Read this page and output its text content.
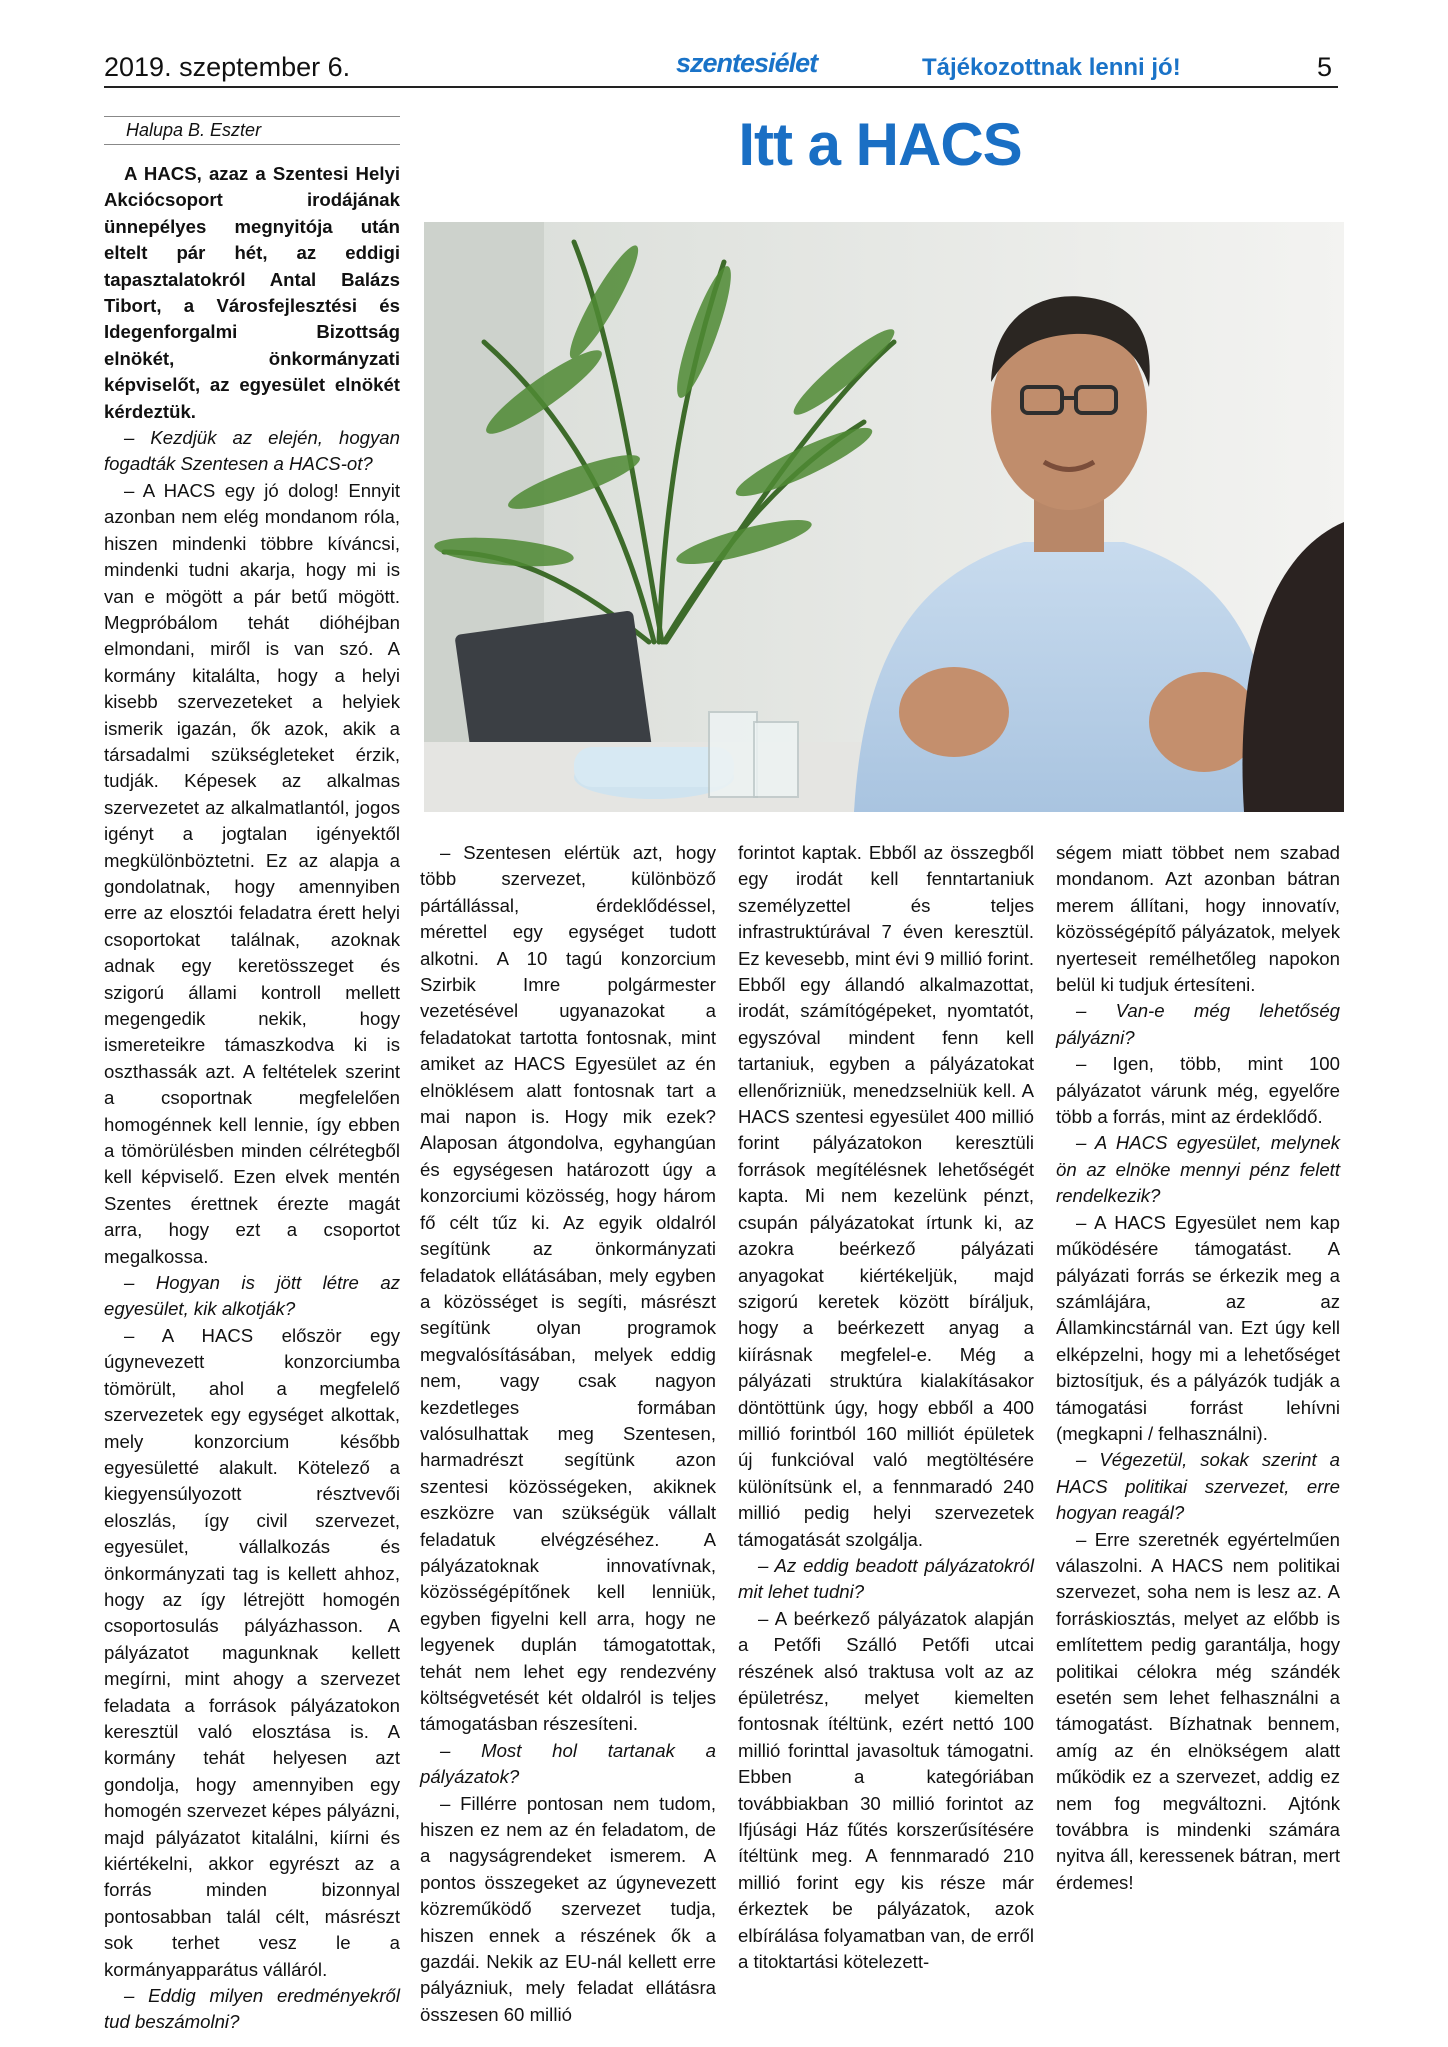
2019. szeptember 6.	szentesiélet	Tájékozottnak lenni jó!	5
Halupa B. Eszter	Itt a HACS

A HACS, azaz a Szentesi Helyi Akciócsoport irodájának ünnepélyes megnyitója után eltelt pár hét, az eddigi tapasztalatokról Antal Balázs Tibort, a Városfejlesztési és Idegenforgalmi Bizottság elnökét, önkormányzati képviselőt, az egyesület elnökét kérdeztük.

– Kezdjük az elején, hogyan fogadták Szentesen a HACS-ot?

– A HACS egy jó dolog! Ennyit azonban nem elég mondanom róla, hiszen mindenki többre kíváncsi, mindenki tudni akarja, hogy mi is van e mögött a pár betű mögött. Megpróbálom tehát dióhéjban elmondani, miről is van szó. A kormány kitalálta, hogy a helyi kisebb szervezeteket a helyiek ismerik igazán, ők azok, akik a társadalmi szükségleteket érzik, tudják. Képesek az alkalmas szervezetet az alkalmatlantól, jogos igényt a jogtalan igényektől megkülönböztetni. Ez az alapja a gondolatnak, hogy amennyiben erre az elosztói feladatra érett helyi csoportokat találnak, azoknak adnak egy keretösszeget és szigorú állami kontroll mellett megengedik nekik, hogy ismereteikre támaszkodva ki is oszthassák azt. A feltételek szerint a csoportnak megfelelően homogénnek kell lennie, így ebben a tömörülésben minden célrétegből kell képviselő. Ezen elvek mentén Szentes érettnek érezte magát arra, hogy ezt a csoportot megalkossa.

– Hogyan is jött létre az egyesület, kik alkotják?

– A HACS először egy úgynevezett konzorciumba tömörült, ahol a megfelelő szervezetek egy egységet alkottak, mely konzorcium később egyesületté alakult. Kötelező a kiegyensúlyozott résztvevői eloszlás, így civil szervezet, egyesület, vállalkozás és önkormányzati tag is kellett ahhoz, hogy az így létrejött homogén csoportosulás pályázhasson. A pályázatot magunknak kellett megírni, mint ahogy a szervezet feladata a források pályázatokon keresztül való elosztása is. A kormány tehát helyesen azt gondolja, hogy amennyiben egy homogén szervezet képes pályázni, majd pályázatot kitalálni, kiírni és kiértékelni, akkor egyrészt az a forrás minden bizonnyal pontosabban talál célt, másrészt sok terhet vesz le a kormányapparátus válláról.

– Eddig milyen eredményekről tud beszámolni?

– Szentesen elértük azt, hogy több szervezet, különböző pártállással, érdeklődéssel, mérettel egy egységet tudott alkotni. A 10 tagú konzorcium Szirbik Imre polgármester vezetésével ugyanazokat a feladatokat tartotta fontosnak, mint amiket az HACS Egyesület az én elnöklésem alatt fontosnak tart a mai napon is. Hogy mik ezek? Alaposan átgondolva, egyhangúan és egységesen határozott úgy a konzorciumi közösség, hogy három fő célt tűz ki. Az egyik oldalról segítünk az önkormányzati feladatok ellátásában, mely egyben a közösséget is segíti, másrészt segítünk olyan programok megvalósításában, melyek eddig nem, vagy csak nagyon kezdetleges formában valósulhattak meg Szentesen, harmadrészt segítünk azon szentesi közösségeken, akiknek eszközre van szükségük vállalt feladatuk elvégzéséhez. A pályázatoknak innovatívnak, közösségépítőnek kell lenniük, egyben figyelni kell arra, hogy ne legyenek duplán támogatottak, tehát nem lehet egy rendezvény költségvetését két oldalról is teljes támogatásban részesíteni.

– Most hol tartanak a pályázatok?

– Fillérre pontosan nem tudom, hiszen ez nem az én feladatom, de a nagyságrendeket ismerem. A pontos összegeket az úgynevezett közreműködő szervezet tudja, hiszen ennek a részének ők a gazdái. Nekik az EU-nál kellett erre pályázniuk, mely feladat ellátásra összesen 60 millió

forintot kaptak. Ebből az összegből egy irodát kell fenntartaniuk személyzettel és teljes infrastruktúrával 7 éven keresztül. Ez kevesebb, mint évi 9 millió forint. Ebből egy állandó alkalmazottat, irodát, számítógépeket, nyomtatót, egyszóval mindent fenn kell tartaniuk, egyben a pályázatokat ellenőrizniük, menedzselniük kell. A HACS szentesi egyesület 400 millió forint pályázatokon keresztüli források megítélésnek lehetőségét kapta. Mi nem kezelünk pénzt, csupán pályázatokat írtunk ki, az azokra beérkező pályázati anyagokat kiértékeljük, majd szigorú keretek között bíráljuk, hogy a beérkezett anyag a kiírásnak megfelel-e. Még a pályázati struktúra kialakításakor döntöttünk úgy, hogy ebből a 400 millió forintból 160 milliót épületek új funkcióval való megtöltésére különítsünk el, a fennmaradó 240 millió pedig helyi szervezetek támogatását szolgálja.

– Az eddig beadott pályázatokról mit lehet tudni?

– A beérkező pályázatok alapján a Petőfi Szálló Petőfi utcai részének alsó traktusa volt az az épületrész, melyet kiemelten fontosnak ítéltünk, ezért nettó 100 millió forinttal javasoltuk támogatni. Ebben a kategóriában továbbiakban 30 millió forintot az Ifjúsági Ház fűtés korszerűsítésére ítéltünk meg. A fennmaradó 210 millió forint egy kis része már érkeztek be pályázatok, azok elbírálása folyamatban van, de erről a titoktartási kötelezett-

ségem miatt többet nem szabad mondanom. Azt azonban bátran merem állítani, hogy innovatív, közösségépítő pályázatok, melyek nyerteseit remélhetőleg napokon belül ki tudjuk értesíteni.

– Van-e még lehetőség pályázni?

– Igen, több, mint 100 pályázatot várunk még, egyelőre több a forrás, mint az érdeklődő.

– A HACS egyesület, melynek ön az elnöke mennyi pénz felett rendelkezik?

– A HACS Egyesület nem kap működésére támogatást. A pályázati forrás se érkezik meg a számlájára, az az Államkincstárnál van. Ezt úgy kell elképzelni, hogy mi a lehetőséget biztosítjuk, és a pályázók tudják a támogatási forrást lehívni (megkapni / felhasználni).

– Végezetül, sokak szerint a HACS politikai szervezet, erre hogyan reagál?

– Erre szeretnék egyértelműen válaszolni. A HACS nem politikai szervezet, soha nem is lesz az. A forráskiosztás, melyet az előbb is említettem pedig garantálja, hogy politikai célokra még szándék esetén sem lehet felhasználni a támogatást. Bízhatnak bennem, amíg az én elnökségem alatt működik ez a szervezet, addig ez nem fog megváltozni. Ajtónk továbbra is mindenki számára nyitva áll, keressenek bátran, mert érdemes!
